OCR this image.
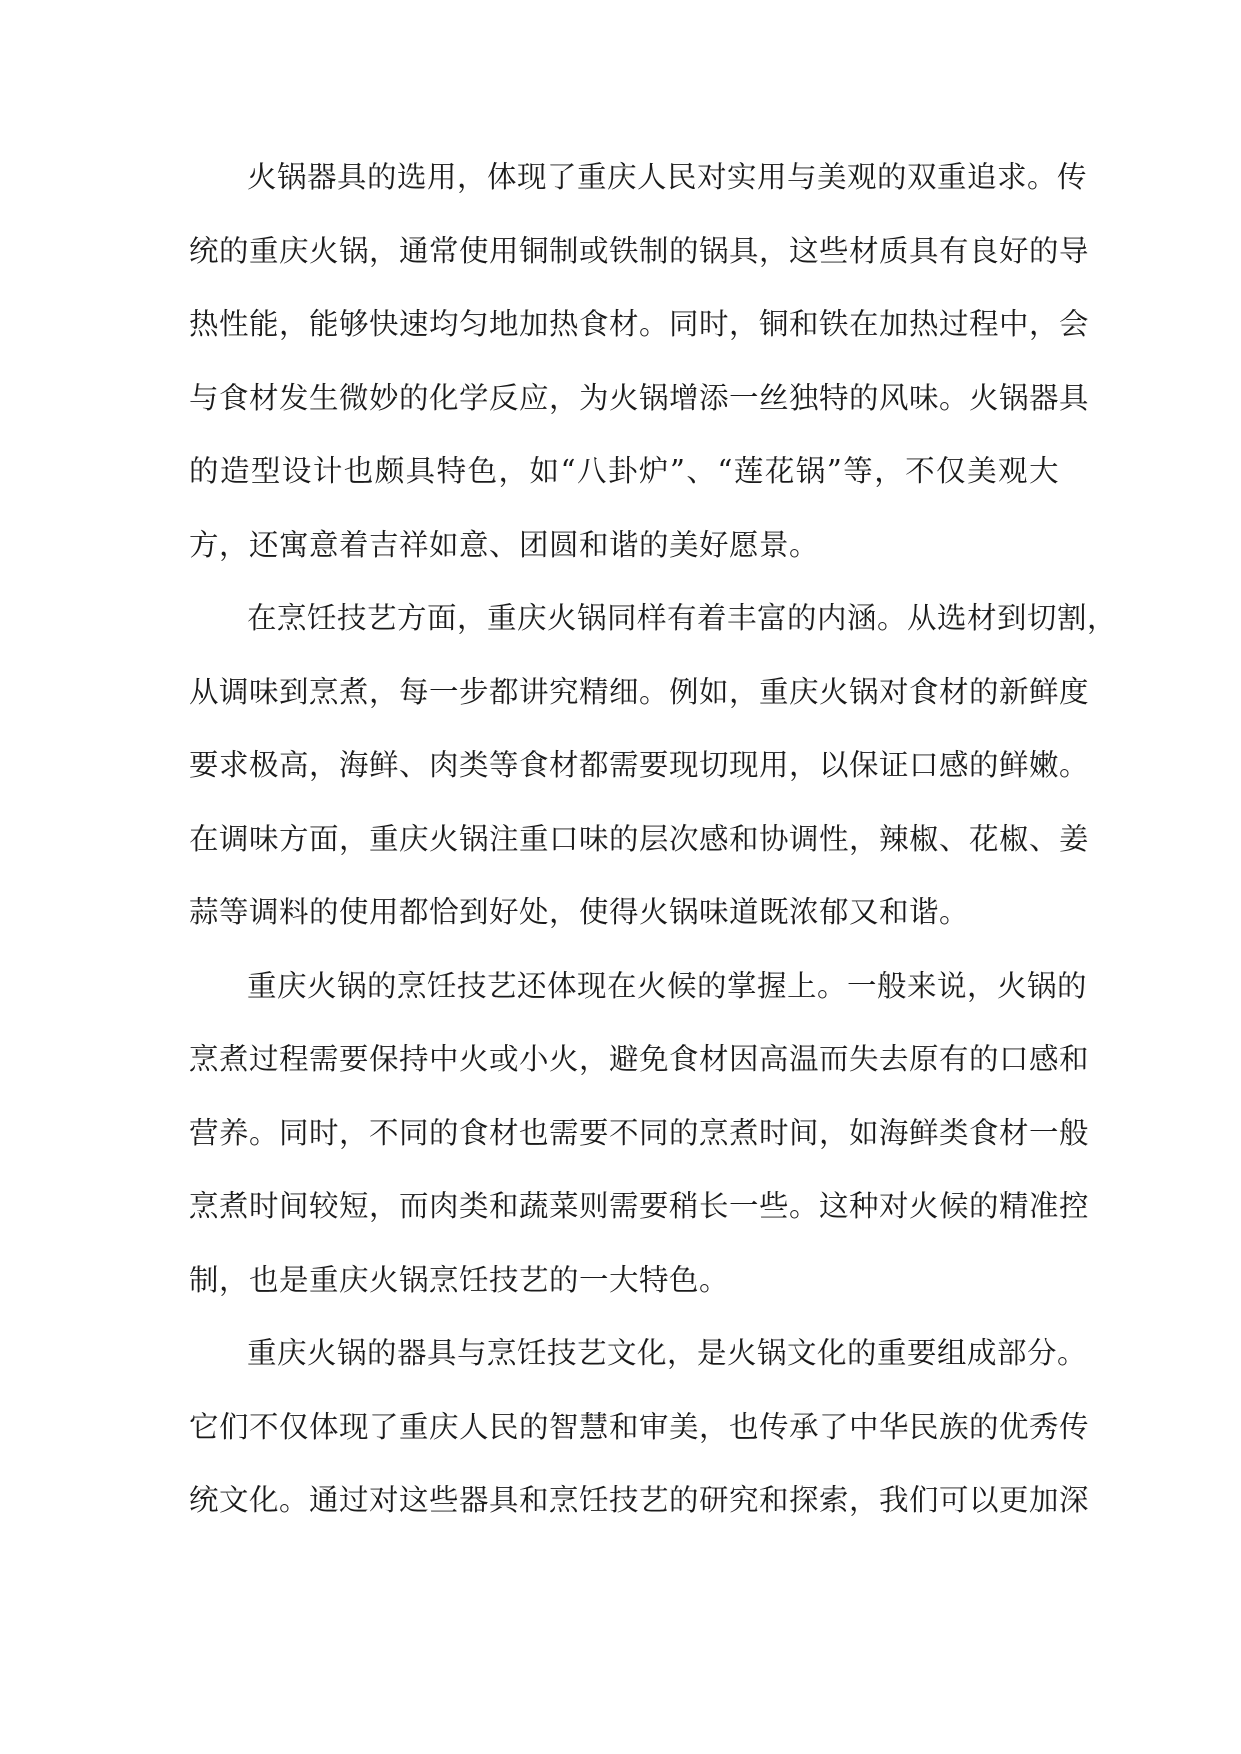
火锅器具的选用，体现了重庆人民对实用与美观的双重追求。传
统的重庆火锅，通常使用铜制或铁制的锅具，这些材质具有良好的导
热性能，能够快速均匀地加热食材。同时，铜和铁在加热过程中，会
与食材发生微妙的化学反应，为火锅增添一丝独特的风味。火锅器具
的造型设计也颇具特色，如“八卦炉”、“莲花锅”等，不仅美观大
方，还寓意着吉祥如意、团圆和谐的美好愿景。
在烹饪技艺方面，重庆火锅同样有着丰富的内涵。从选材到切割，
从调味到烹煮，每一步都讲究精细。例如，重庆火锅对食材的新鲜度
要求极高，海鲜、肉类等食材都需要现切现用，以保证口感的鲜嫩。
在调味方面，重庆火锅注重口味的层次感和协调性，辣椒、花椒、姜
蒜等调料的使用都恰到好处，使得火锅味道既浓郁又和谐。
重庆火锅的烹饪技艺还体现在火候的掌握上。一般来说，火锅的
烹煮过程需要保持中火或小火，避免食材因高温而失去原有的口感和
营养。同时，不同的食材也需要不同的烹煮时间，如海鲜类食材一般
烹煮时间较短，而肉类和蔬菜则需要稍长一些。这种对火候的精准控
制，也是重庆火锅烹饪技艺的一大特色。
重庆火锅的器具与烹饪技艺文化，是火锅文化的重要组成部分。
它们不仅体现了重庆人民的智慧和审美，也传承了中华民族的优秀传
统文化。通过对这些器具和烹饪技艺的研究和探索，我们可以更加深
